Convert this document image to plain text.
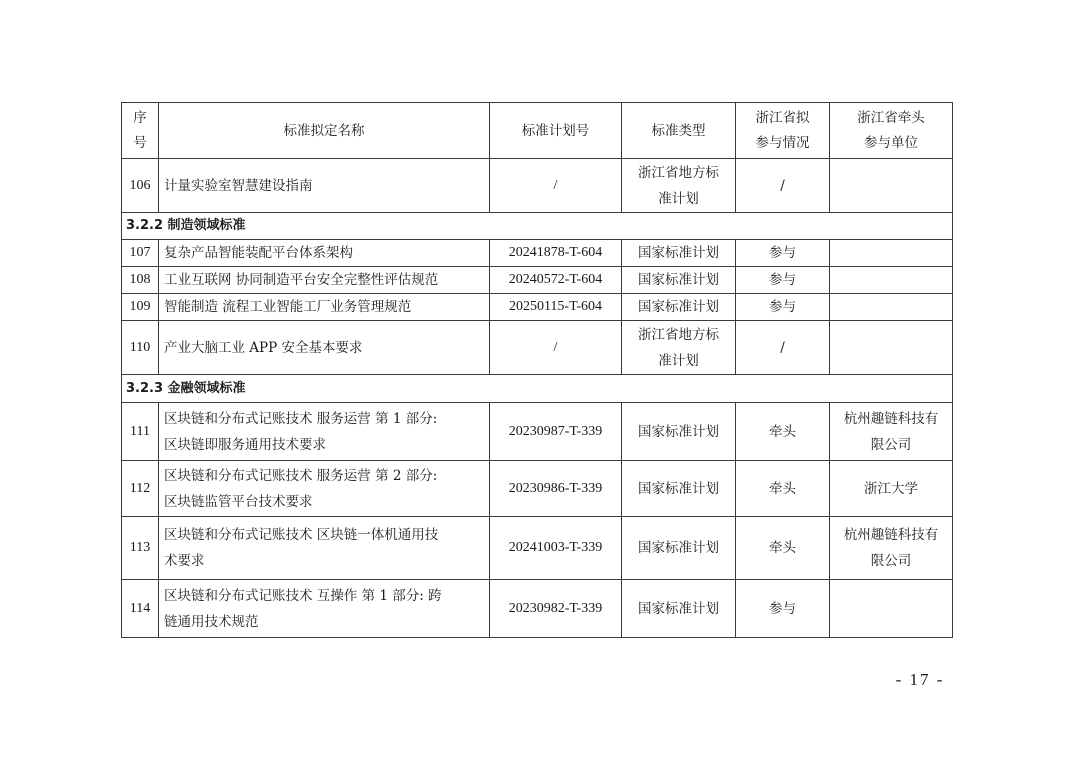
序
号	标准拟定名称	标准计划号	标准类型	浙江省拟
参与情况	浙江省牵头
参与单位
106	计量实验室智慧建设指南	/	浙江省地方标
准计划	/	
3.2.2 制造领域标准					
107	复杂产品智能装配平台体系架构	20241878-T-604	国家标准计划	参与	
108	工业互联网 协同制造平台安全完整性评估规范	20240572-T-604	国家标准计划	参与	
109	智能制造 流程工业智能工厂业务管理规范	20250115-T-604	国家标准计划	参与	
110	产业大脑工业 APP 安全基本要求	/	浙江省地方标
准计划	/	
3.2.3 金融领域标准					
111	区块链和分布式记账技术 服务运营 第 1 部分:
区块链即服务通用技术要求	20230987-T-339	国家标准计划	牵头	杭州趣链科技有
限公司
112	区块链和分布式记账技术 服务运营 第 2 部分:
区块链监管平台技术要求	20230986-T-339	国家标准计划	牵头	浙江大学
113	区块链和分布式记账技术 区块链一体机通用技
术要求	20241003-T-339	国家标准计划	牵头	杭州趣链科技有
限公司
114	区块链和分布式记账技术 互操作 第 1 部分: 跨
链通用技术规范	20230982-T-339	国家标准计划	参与	
- 17 -
